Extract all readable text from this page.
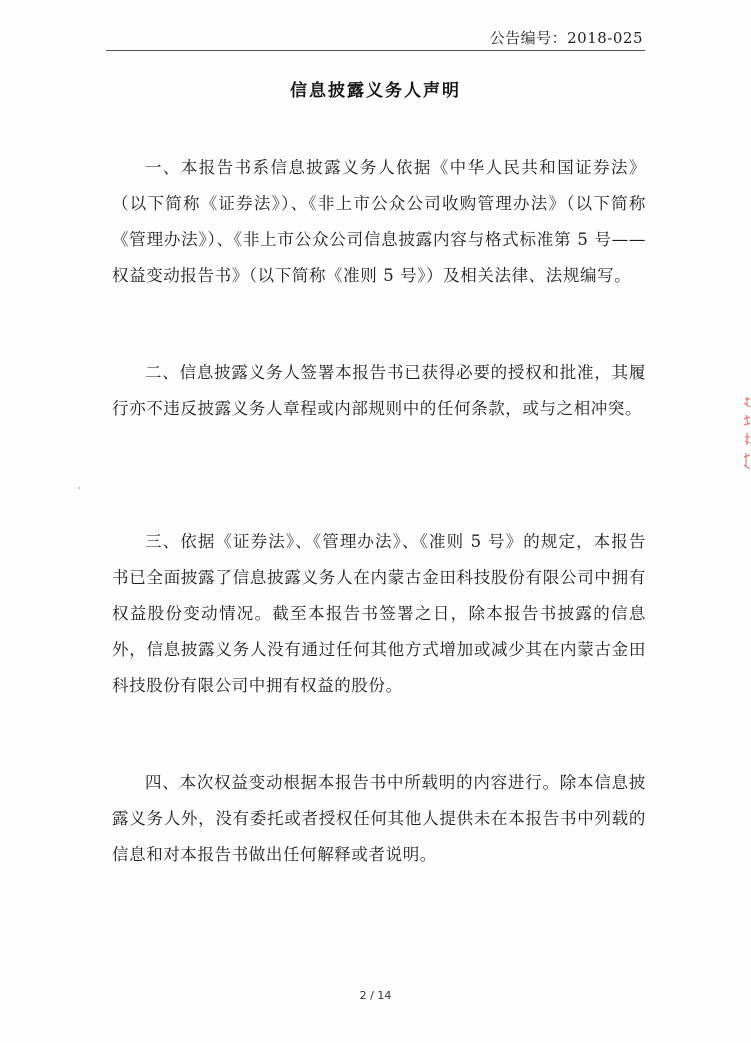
公告编号：2018-025
信息披露义务人声明

一、本报告书系信息披露义务人依据《中华人民共和国证券法》（以下简称《证券法》）、《非上市公众公司收购管理办法》（以下简称《管理办法》）、《非上市公众公司信息披露内容与格式标准第 5 号——权益变动报告书》（以下简称《准则 5 号》）及相关法律、法规编写。

二、信息披露义务人签署本报告书已获得必要的授权和批准，其履行亦不违反披露义务人章程或内部规则中的任何条款，或与之相冲突。

三、依据《证券法》、《管理办法》、《准则 5 号》的规定，本报告书已全面披露了信息披露义务人在内蒙古金田科技股份有限公司中拥有权益股份变动情况。截至本报告书签署之日，除本报告书披露的信息外，信息披露义务人没有通过任何其他方式增加或减少其在内蒙古金田科技股份有限公司中拥有权益的股份。

四、本次权益变动根据本报告书中所载明的内容进行。除本信息披露义务人外，没有委托或者授权任何其他人提供未在本报告书中列载的信息和对本报告书做出任何解释或者说明。

2 / 14
